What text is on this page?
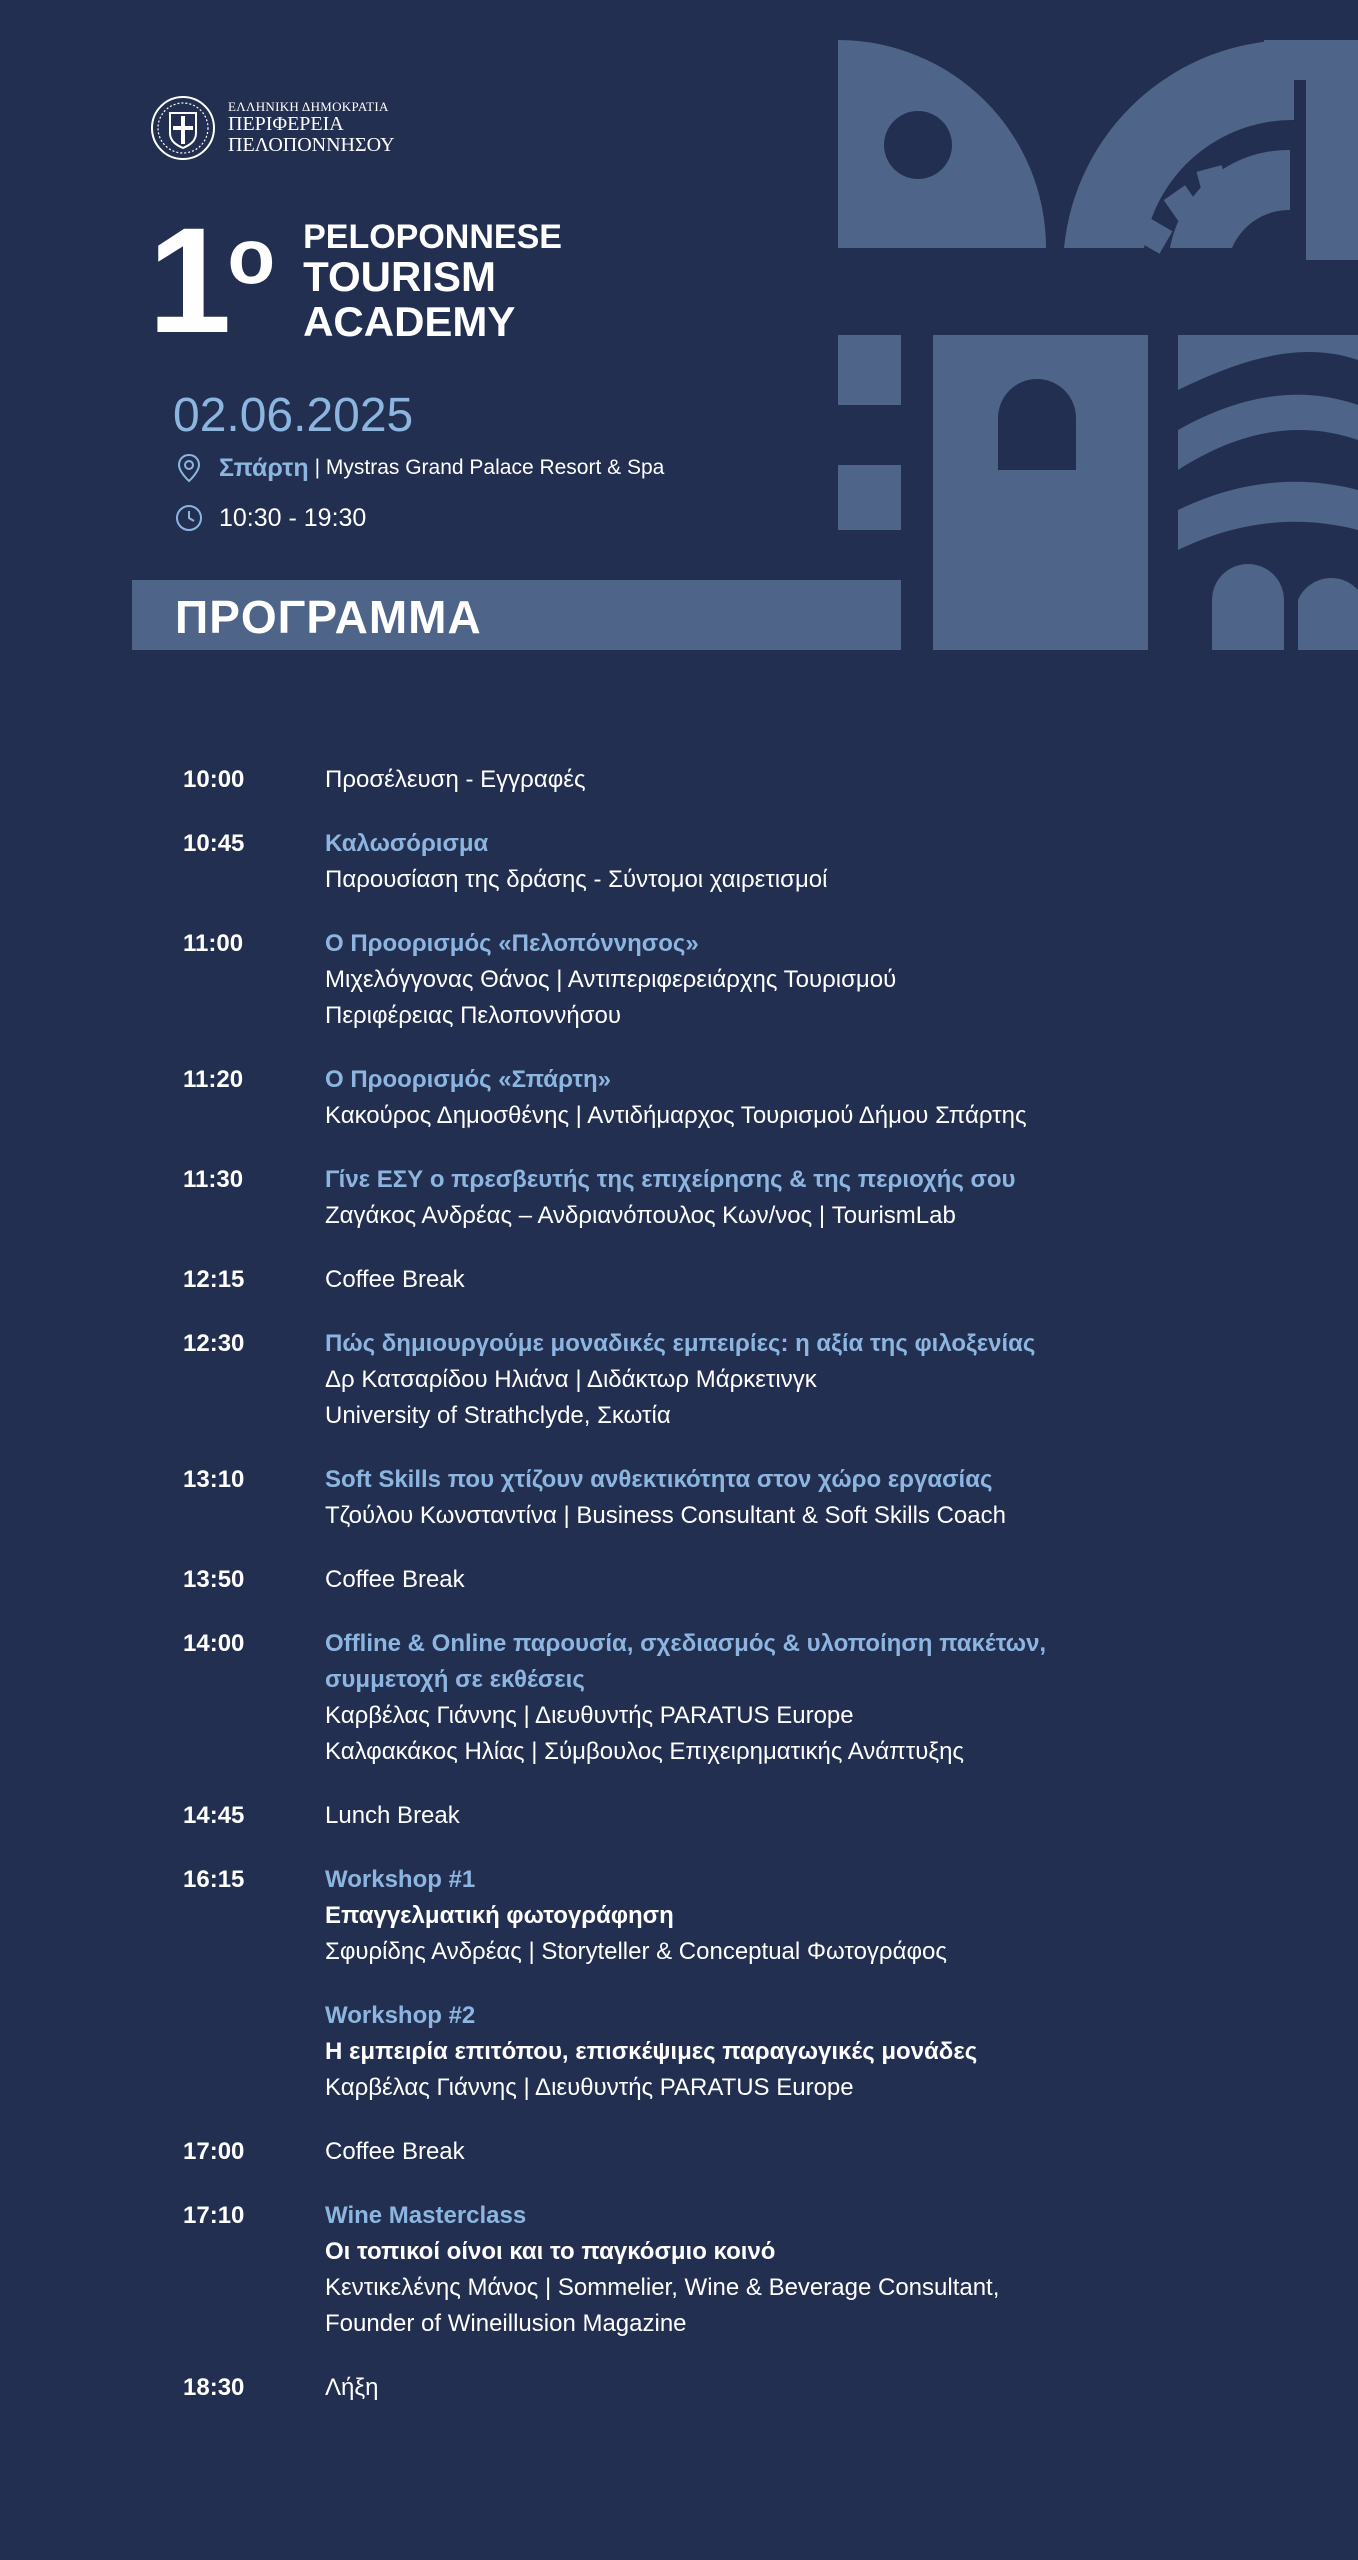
ΕΛΛΗΝΙΚΗ ΔΗΜΟΚΡΑΤΙΑ
ΠΕΡΙΦΕΡΕΙΑ
ΠΕΛΟΠΟΝΝΗΣΟΥ
1 ο PELOPONNESE
TOURISM
ACADEMY
02.06.2025
Σπάρτη | Mystras Grand Palace Resort & Spa
10:30 - 19:30
ΠΡΟΓΡΑΜΜΑ
10:00	Προσέλευση - Εγγραφές
10:45	Καλωσόρισμα
Παρουσίαση της δράσης - Σύντομοι χαιρετισμοί
11:00	Ο Προορισμός «Πελοπόννησος»
Μιχελόγγονας Θάνος | Αντιπεριφερειάρχης Τουρισμού
Περιφέρειας Πελοποννήσου
11:20	Ο Προορισμός «Σπάρτη»
Κακούρος Δημοσθένης | Αντιδήμαρχος Τουρισμού Δήμου Σπάρτης
11:30	Γίνε ΕΣΥ ο πρεσβευτής της επιχείρησης & της περιοχής σου
Ζαγάκος Ανδρέας – Ανδριανόπουλος Κων/νος | TourismLab
12:15	Coffee Break
12:30	Πώς δημιουργούμε μοναδικές εμπειρίες: η αξία της φιλοξενίας
Δρ Κατσαρίδου Ηλιάνα | Διδάκτωρ Μάρκετινγκ
University of Strathclyde, Σκωτία
13:10	Soft Skills που χτίζουν ανθεκτικότητα στον χώρο εργασίας
Τζούλου Κωνσταντίνα | Business Consultant & Soft Skills Coach
13:50	Coffee Break
14:00	Offline & Online παρουσία, σχεδιασμός & υλοποίηση πακέτων,
συμμετοχή σε εκθέσεις
Καρβέλας Γιάννης | Διευθυντής PARATUS Europe
Καλφακάκος Ηλίας | Σύμβουλος Επιχειρηματικής Ανάπτυξης
14:45	Lunch Break
16:15	Workshop #1
Επαγγελματική φωτογράφηση
Σφυρίδης Ανδρέας | Storyteller & Conceptual Φωτογράφος
Workshop #2
Η εμπειρία επιτόπου, επισκέψιμες παραγωγικές μονάδες
Καρβέλας Γιάννης | Διευθυντής PARATUS Europe
17:00	Coffee Break
17:10	Wine Masterclass
Οι τοπικοί οίνοι και το παγκόσμιο κοινό
Κεντικελένης Μάνος | Sommelier, Wine & Beverage Consultant,
Founder of Wineillusion Magazine
18:30	Λήξη
